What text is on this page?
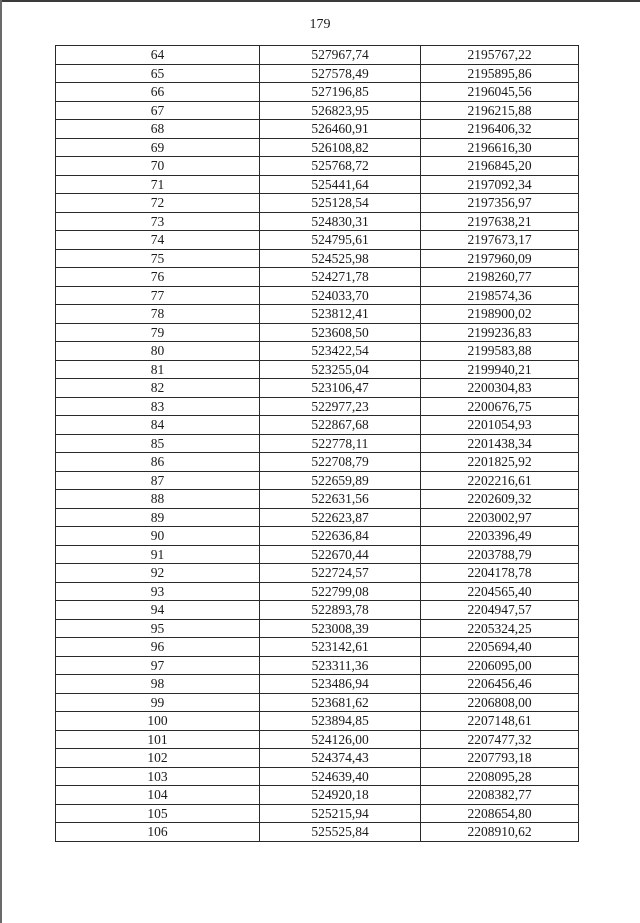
179
64	527967,74	2195767,22
65	527578,49	2195895,86
66	527196,85	2196045,56
67	526823,95	2196215,88
68	526460,91	2196406,32
69	526108,82	2196616,30
70	525768,72	2196845,20
71	525441,64	2197092,34
72	525128,54	2197356,97
73	524830,31	2197638,21
74	524795,61	2197673,17
75	524525,98	2197960,09
76	524271,78	2198260,77
77	524033,70	2198574,36
78	523812,41	2198900,02
79	523608,50	2199236,83
80	523422,54	2199583,88
81	523255,04	2199940,21
82	523106,47	2200304,83
83	522977,23	2200676,75
84	522867,68	2201054,93
85	522778,11	2201438,34
86	522708,79	2201825,92
87	522659,89	2202216,61
88	522631,56	2202609,32
89	522623,87	2203002,97
90	522636,84	2203396,49
91	522670,44	2203788,79
92	522724,57	2204178,78
93	522799,08	2204565,40
94	522893,78	2204947,57
95	523008,39	2205324,25
96	523142,61	2205694,40
97	523311,36	2206095,00
98	523486,94	2206456,46
99	523681,62	2206808,00
100	523894,85	2207148,61
101	524126,00	2207477,32
102	524374,43	2207793,18
103	524639,40	2208095,28
104	524920,18	2208382,77
105	525215,94	2208654,80
106	525525,84	2208910,62
